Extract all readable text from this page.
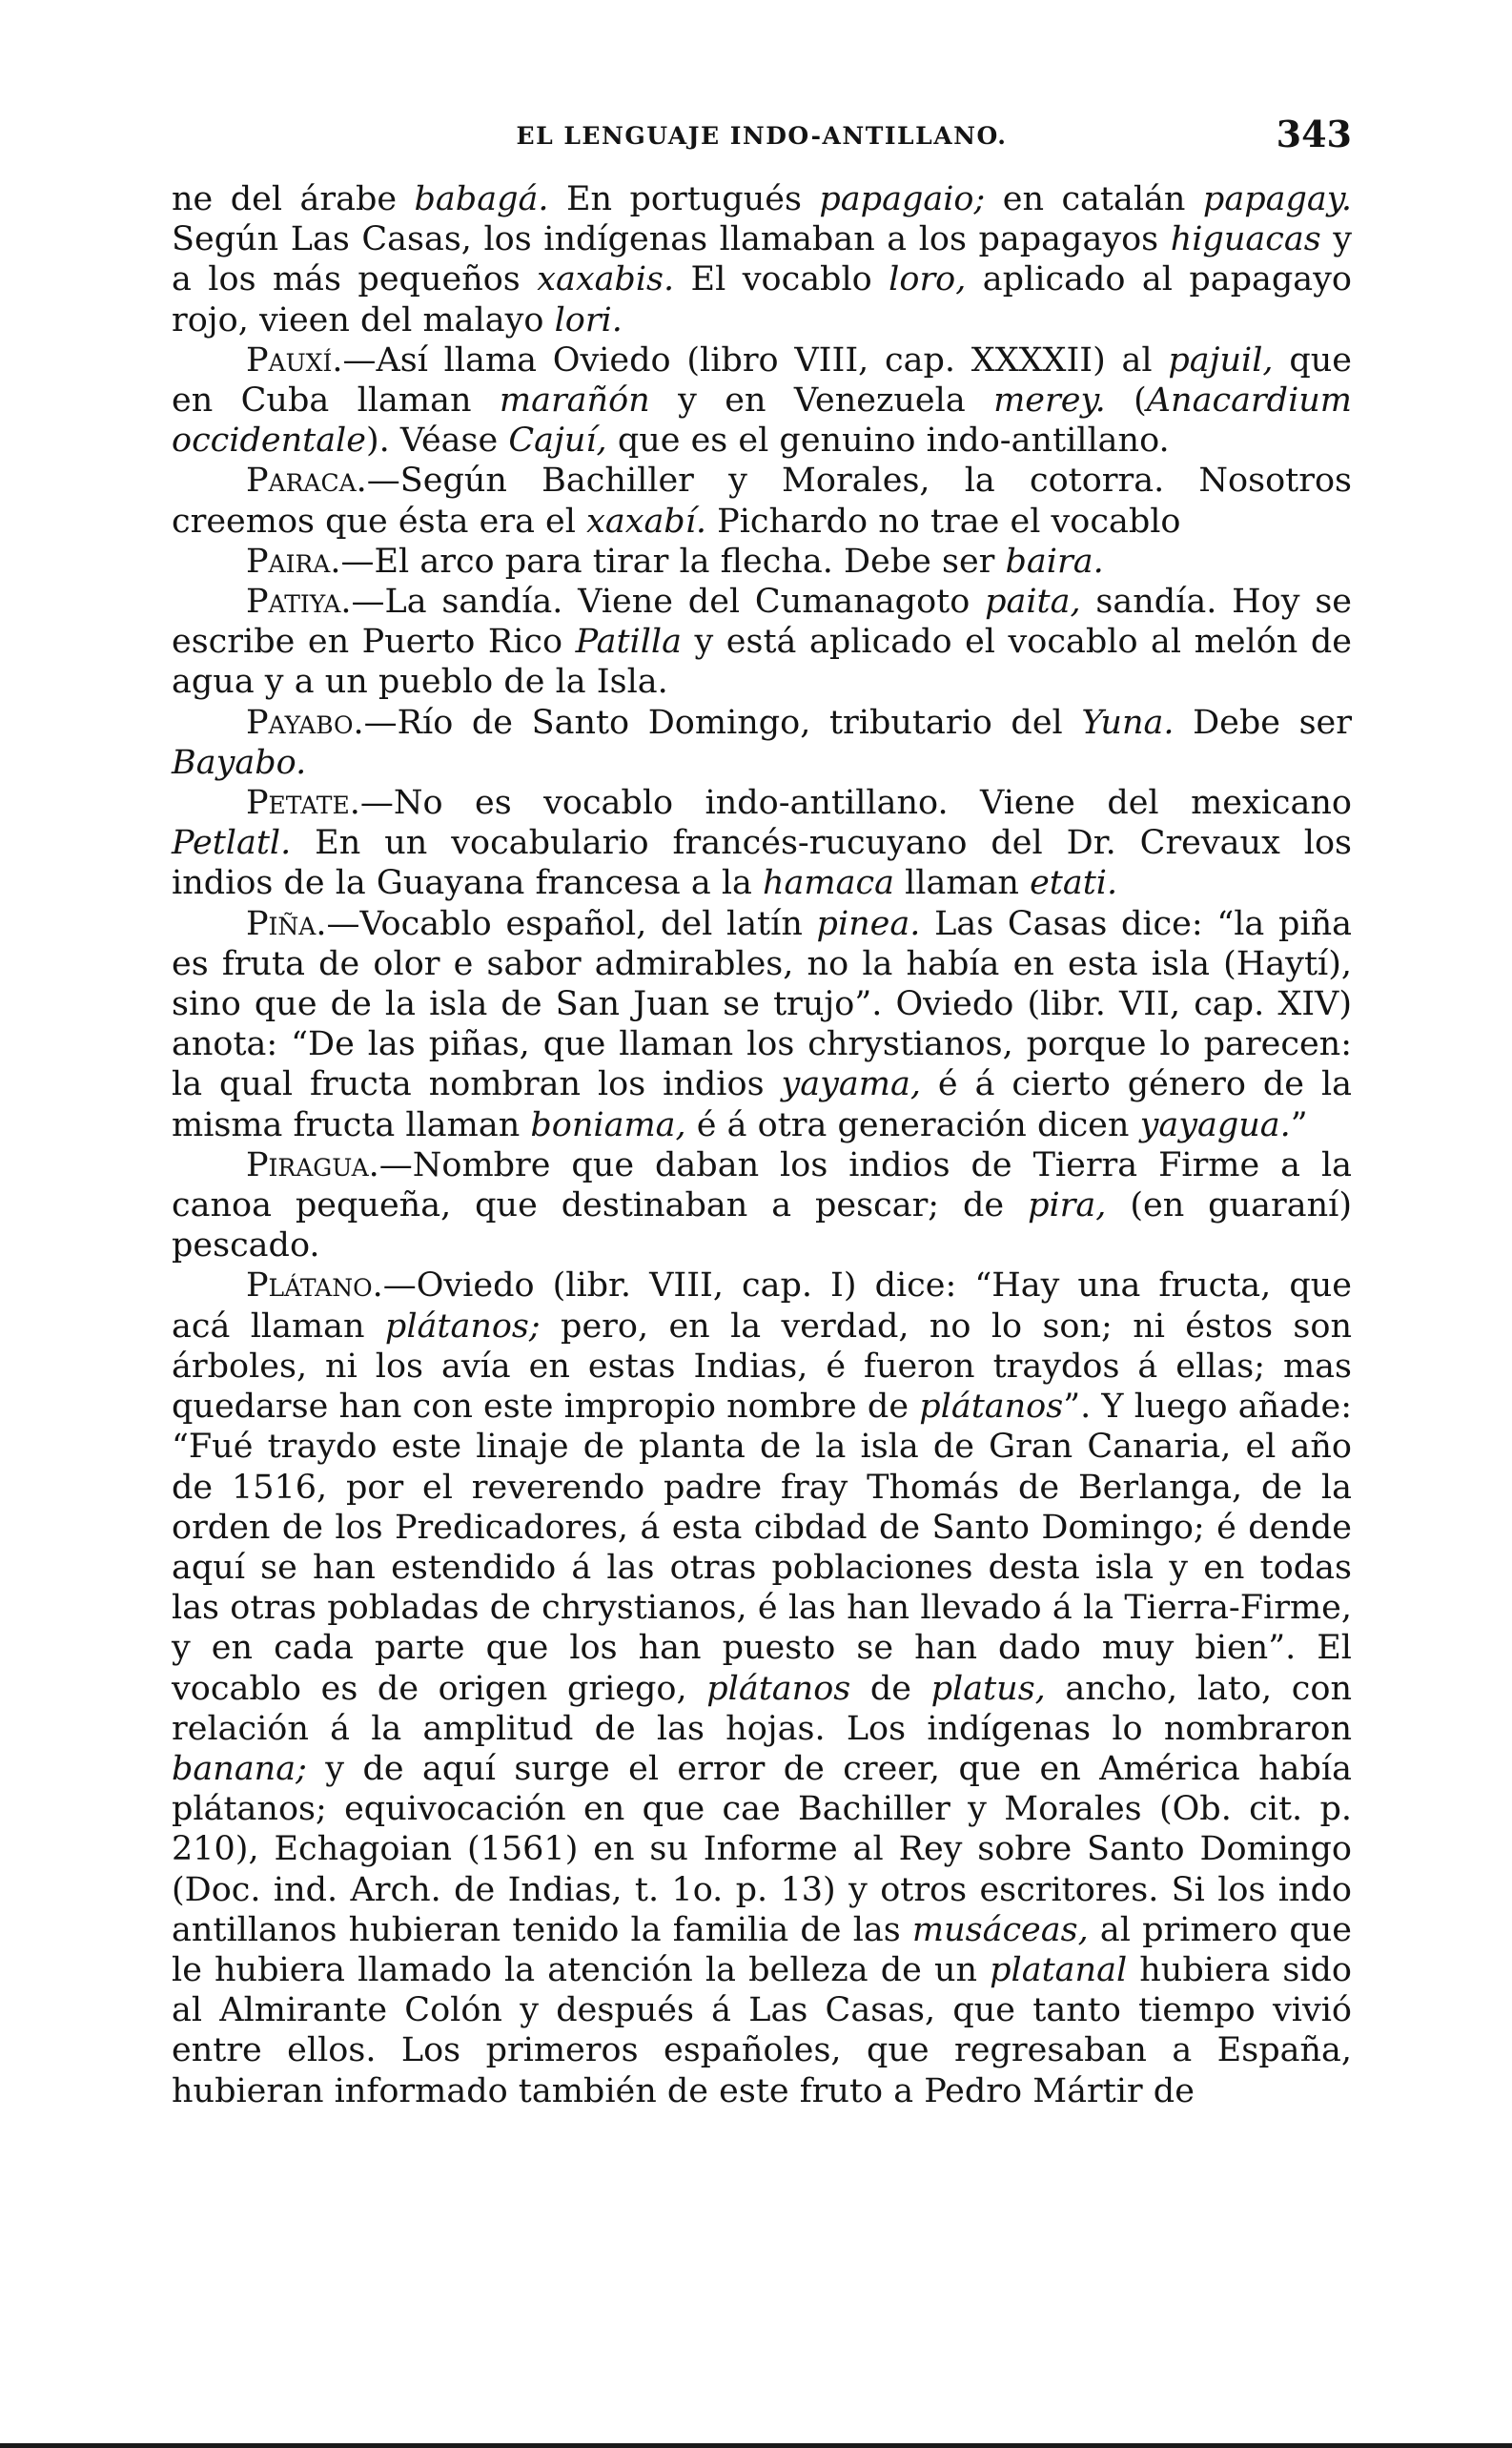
EL LENGUAJE INDO-ANTILLANO.	343

ne del árabe babagá. En portugués papagaio; en catalán papagay. Según Las Casas, los indígenas llamaban a los papagayos higuacas y a los más pequeños xaxabis. El vocablo loro, aplicado al papagayo rojo, vieen del malayo lori.

Pauxí.—Así llama Oviedo (libro VIII, cap. XXXXII) al pajuil, que en Cuba llaman marañón y en Venezuela merey. (Anacardium occidentale). Véase Cajuí, que es el genuino indo-antillano.

Paraca.—Según Bachiller y Morales, la cotorra. Nosotros creemos que ésta era el xaxabí. Pichardo no trae el vocablo

Paira.—El arco para tirar la flecha. Debe ser baira.

Patiya.—La sandía. Viene del Cumanagoto paita, sandía. Hoy se escribe en Puerto Rico Patilla y está aplicado el vocablo al melón de agua y a un pueblo de la Isla.

Payabo.—Río de Santo Domingo, tributario del Yuna. Debe ser Bayabo.

Petate.—No es vocablo indo-antillano. Viene del mexicano Petlatl. En un vocabulario francés-rucuyano del Dr. Crevaux los indios de la Guayana francesa a la hamaca llaman etati.

Piña.—Vocablo español, del latín pinea. Las Casas dice: “la piña es fruta de olor e sabor admirables, no la había en esta isla (Haytí), sino que de la isla de San Juan se trujo”. Oviedo (libr. VII, cap. XIV) anota: “De las piñas, que llaman los chrystianos, porque lo parecen: la qual fructa nombran los indios yayama, é á cierto género de la misma fructa llaman boniama, é á otra generación dicen yayagua.”

Piragua.—Nombre que daban los indios de Tierra Firme a la canoa pequeña, que destinaban a pescar; de pira, (en guaraní) pescado.

Plátano.—Oviedo (libr. VIII, cap. I) dice: “Hay una fructa, que acá llaman plátanos; pero, en la verdad, no lo son; ni éstos son árboles, ni los avía en estas Indias, é fueron traydos á ellas; mas quedarse han con este impropio nombre de plátanos”. Y luego añade: “Fué traydo este linaje de planta de la isla de Gran Canaria, el año de 1516, por el reverendo padre fray Thomás de Berlanga, de la orden de los Predicadores, á esta cibdad de Santo Domingo; é dende aquí se han estendido á las otras poblaciones desta isla y en todas las otras pobladas de chrystianos, é las han llevado á la Tierra-Firme, y en cada parte que los han puesto se han dado muy bien”. El vocablo es de origen griego, plátanos de platus, ancho, lato, con relación á la amplitud de las hojas. Los indígenas lo nombraron banana; y de aquí surge el error de creer, que en América había plátanos; equivocación en que cae Bachiller y Morales (Ob. cit. p. 210), Echagoian (1561) en su Informe al Rey sobre Santo Domingo (Doc. ind. Arch. de Indias, t. 1o. p. 13) y otros escritores. Si los indo antillanos hubieran tenido la familia de las musáceas, al primero que le hubiera llamado la atención la belleza de un platanal hubiera sido al Almirante Colón y después á Las Casas, que tanto tiempo vivió entre ellos. Los primeros españoles, que regresaban a España, hubieran informado también de este fruto a Pedro Mártir de
